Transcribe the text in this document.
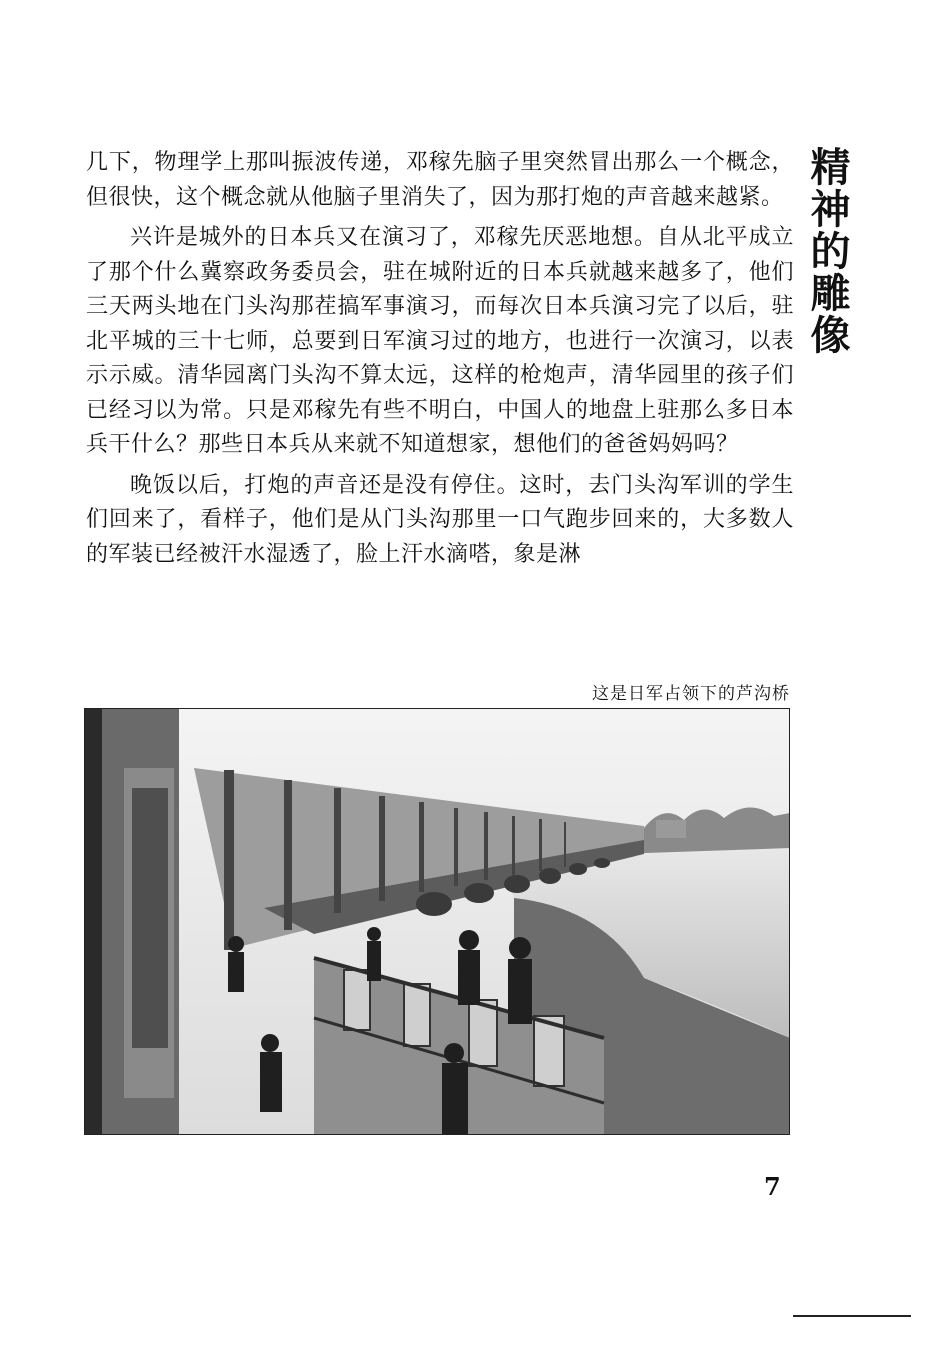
几下，物理学上那叫振波传递，邓稼先脑子里突然冒出那么一个概念，但很快，这个概念就从他脑子里消失了，因为那打炮的声音越来越紧。

兴许是城外的日本兵又在演习了，邓稼先厌恶地想。自从北平成立了那个什么冀察政务委员会，驻在城附近的日本兵就越来越多了，他们三天两头地在门头沟那茬搞军事演习，而每次日本兵演习完了以后，驻北平城的三十七师，总要到日军演习过的地方，也进行一次演习，以表示示威。清华园离门头沟不算太远，这样的枪炮声，清华园里的孩子们已经习以为常。只是邓稼先有些不明白，中国人的地盘上驻那么多日本兵干什么？那些日本兵从来就不知道想家，想他们的爸爸妈妈吗？

晚饭以后，打炮的声音还是没有停住。这时，去门头沟军训的学生们回来了，看样子，他们是从门头沟那里一口气跑步回来的，大多数人的军装已经被汗水湿透了，脸上汗水滴嗒，象是淋

精神的雕像
这是日军占领下的芦沟桥
7
